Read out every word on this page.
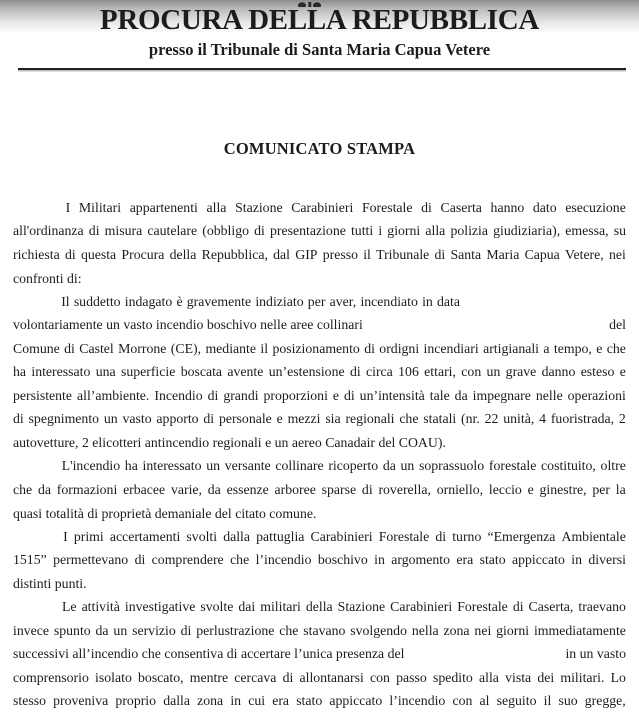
PROCURA DELLA REPUBBLICA
presso il Tribunale di Santa Maria Capua Vetere
COMUNICATO STAMPA
I Militari appartenenti alla Stazione Carabinieri Forestale di Caserta hanno dato esecuzione
all'ordinanza di misura cautelare (obbligo di presentazione tutti i giorni alla polizia giudiziaria), emessa, su
richiesta di questa Procura della Repubblica, dal GIP presso il Tribunale di Santa Maria Capua Vetere, nei
confronti di:
Il suddetto indagato è gravemente indiziato per aver, incendiato in data
volontariamente un vasto incendio boschivo nelle aree collinari	del
Comune di Castel Morrone (CE), mediante il posizionamento di ordigni incendiari artigianali a tempo, e che
ha interessato una superficie boscata avente un’estensione di circa 106 ettari, con un grave danno esteso e
persistente all’ambiente. Incendio di grandi proporzioni e di un’intensità tale da impegnare nelle operazioni
di spegnimento un vasto apporto di personale e mezzi sia regionali che statali (nr. 22 unità, 4 fuoristrada, 2
autovetture, 2 elicotteri antincendio regionali e un aereo Canadair del COAU).
L'incendio ha interessato un versante collinare ricoperto da un soprassuolo forestale costituito, oltre
che da formazioni erbacee varie, da essenze arboree sparse di roverella, orniello, leccio e ginestre, per la
quasi totalità di proprietà demaniale del citato comune.
I primi accertamenti svolti dalla pattuglia Carabinieri Forestale di turno “Emergenza Ambientale
1515” permettevano di comprendere che l’incendio boschivo in argomento era stato appiccato in diversi
distinti punti.
Le attività investigative svolte dai militari della Stazione Carabinieri Forestale di Caserta, traevano
invece spunto da un servizio di perlustrazione che stavano svolgendo nella zona nei giorni immediatamente
successivi all’incendio che consentiva di accertare l’unica presenza del	in un vasto
comprensorio isolato boscato, mentre cercava di allontanarsi con passo spedito alla vista dei militari. Lo
stesso proveniva proprio dalla zona in cui era stato appiccato l’incendio con al seguito il suo gregge,
